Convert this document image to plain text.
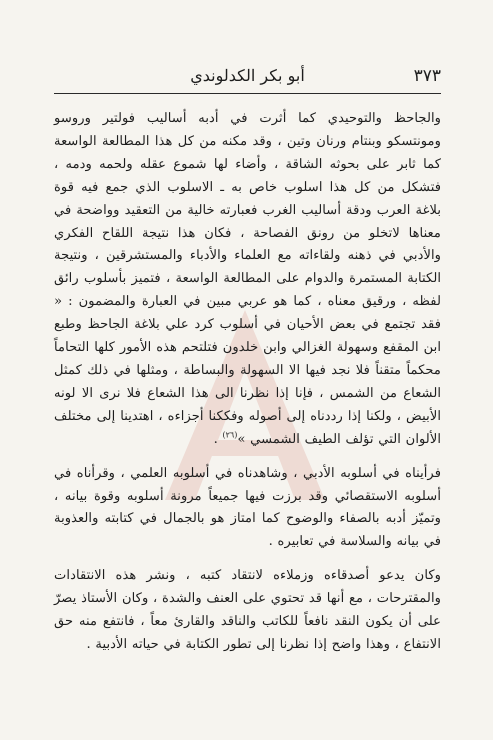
٣٧٣
أبو بكر الكدلوندي

والجاحظ والتوحيدي كما أثرت في أدبه أساليب فولتير وروسو ومونتسكو وبنتام ورنان وتين ، وقد مكنه من كل هذا المطالعة الواسعة كما ثابر على بحوثه الشاقة ، وأضاء لها شموع عقله ولحمه ودمه ، فتشكل من كل هذا اسلوب خاص به ـ الاسلوب الذي جمع فيه قوة بلاغة العرب ودقة أساليب الغرب فعبارته خالية من التعقيد وواضحة في معناها لاتخلو من رونق الفصاحة ، فكان هذا نتيجة اللقاح الفكري والأدبي في ذهنه ولقاءاته مع العلماء والأدباء والمستشرقين ، ونتيجة الكتابة المستمرة والدوام على المطالعة الواسعة ، فتميز بأسلوب رائق لفظه ، ورقيق معناه ، كما هو عربي مبين في العبارة والمضمون : « فقد تجتمع في بعض الأحيان في أسلوب كرد علي بلاغة الجاحظ وطبع ابن المقفع وسهولة الغزالي وابن خلدون فتلتحم هذه الأمور كلها التحاماً محكماً متقناً فلا نجد فيها الا السهولة والبساطة ، ومثلها في ذلك كمثل الشعاع من الشمس ، فإنا إذا نظرنا الى هذا الشعاع فلا نرى الا لونه الأبيض ، ولكنا إذا رددناه إلى أصوله وفككنا أجزاءه ، اهتدينا إلى مختلف الألوان التي تؤلف الطيف الشمسي »$^{(٢٦)}$ .

فرأيناه في أسلوبه الأدبي ، وشاهدناه في أسلوبه العلمي ، وقرأناه في أسلوبه الاستقصائي وقد برزت فيها جميعاً مرونة أسلوبه وقوة بيانه ، وتميّز أدبه بالصفاء والوضوح كما امتاز هو بالجمال في كتابته والعذوبة في بيانه والسلاسة في تعابيره .

وكان يدعو أصدقاءه وزملاءه لانتقاد كتبه ، ونشر هذه الانتقادات والمقترحات ، مع أنها قد تحتوي على العنف والشدة ، وكان الأستاذ يصرّ على أن يكون النقد نافعاً للكاتب والناقد والقارئ معاً ، فانتفع منه حق الانتفاع ، وهذا واضح إذا نظرنا إلى تطور الكتابة في حياته الأدبية .
